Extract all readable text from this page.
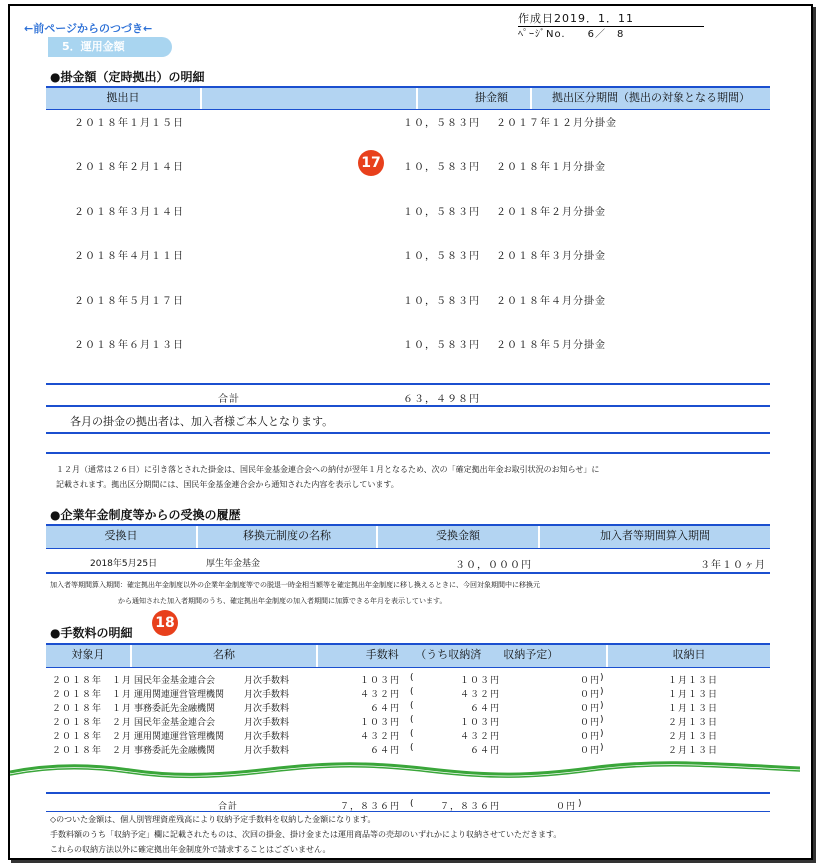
←前ページからのつづき←
5．運用金額
作成日2019．1．11
ﾍﾟｰｼﾞNo.　　6／　8
●掛金額（定時拠出）の明細
拠出日	掛金額	拠出区分期間（拠出の対象となる期間）
２０１８年１月１５日	１０，５８３円 ２０１７年１２月分掛金
２０１８年２月１４日	１０，５８３円 ２０１８年１月分掛金
２０１８年３月１４日	１０，５８３円 ２０１８年２月分掛金
２０１８年４月１１日	１０，５８３円 ２０１８年３月分掛金
２０１８年５月１７日	１０，５８３円 ２０１８年４月分掛金
２０１８年６月１３日	１０，５８３円 ２０１８年５月分掛金
17
合計	６３，４９８円
各月の掛金の拠出者は、加入者様ご本人となります。
１２月（通常は２６日）に引き落とされた掛金は、国民年金基金連合会への納付が翌年１月となるため、次の「確定拠出年金お取引状況のお知らせ」に
記載されます。拠出区分期間には、国民年金基金連合会から通知された内容を表示しています。
●企業年金制度等からの受換の履歴
受換日	移換元制度の名称	受換金額	加入者等期間算入期間
2018年5月25日	厚生年金基金	３０，０００円	３年１０ヶ月
加入者等期間算入期間：確定拠出年金制度以外の企業年金制度等での脱退一時金相当額等を確定拠出年金制度に移し換えるときに、今回対象期間中に移換元
から通知された加入者期間のうち、確定拠出年金制度の加入者期間に加算できる年月を表示しています。
●手数料の明細
18
対象月	名称	手数料　　（うち収納済　　収納予定）	収納日
２０１８年　１月 国民年金基金連合会	月次手数料	１０３円 (	１０３円	０円 )	１月１３日
２０１８年　１月 運用関連運営管理機関 月次手数料	４３２円 (	４３２円	０円 )	１月１３日
２０１８年　１月 事務委託先金融機関	月次手数料	６４円 (	６４円	０円 )	１月１３日
２０１８年　２月 国民年金基金連合会	月次手数料	１０３円 (	１０３円	０円 )	２月１３日
２０１８年　２月 運用関連運営管理機関 月次手数料	４３２円 (	４３２円	０円 )	２月１３日
２０１８年　２月 事務委託先金融機関	月次手数料	６４円 (	６４円	０円 )	２月１３日
合計	７，８３６円 (	７，８３６円	０円 )
◇のついた金額は、個人別管理資産残高により収納予定手数料を収納した金額になります。
手数料額のうち「収納予定」欄に記載されたものは、次回の掛金、掛け金または運用商品等の売却のいずれかにより収納させていただきます。
これらの収納方法以外に確定拠出年金制度外で請求することはございません。
